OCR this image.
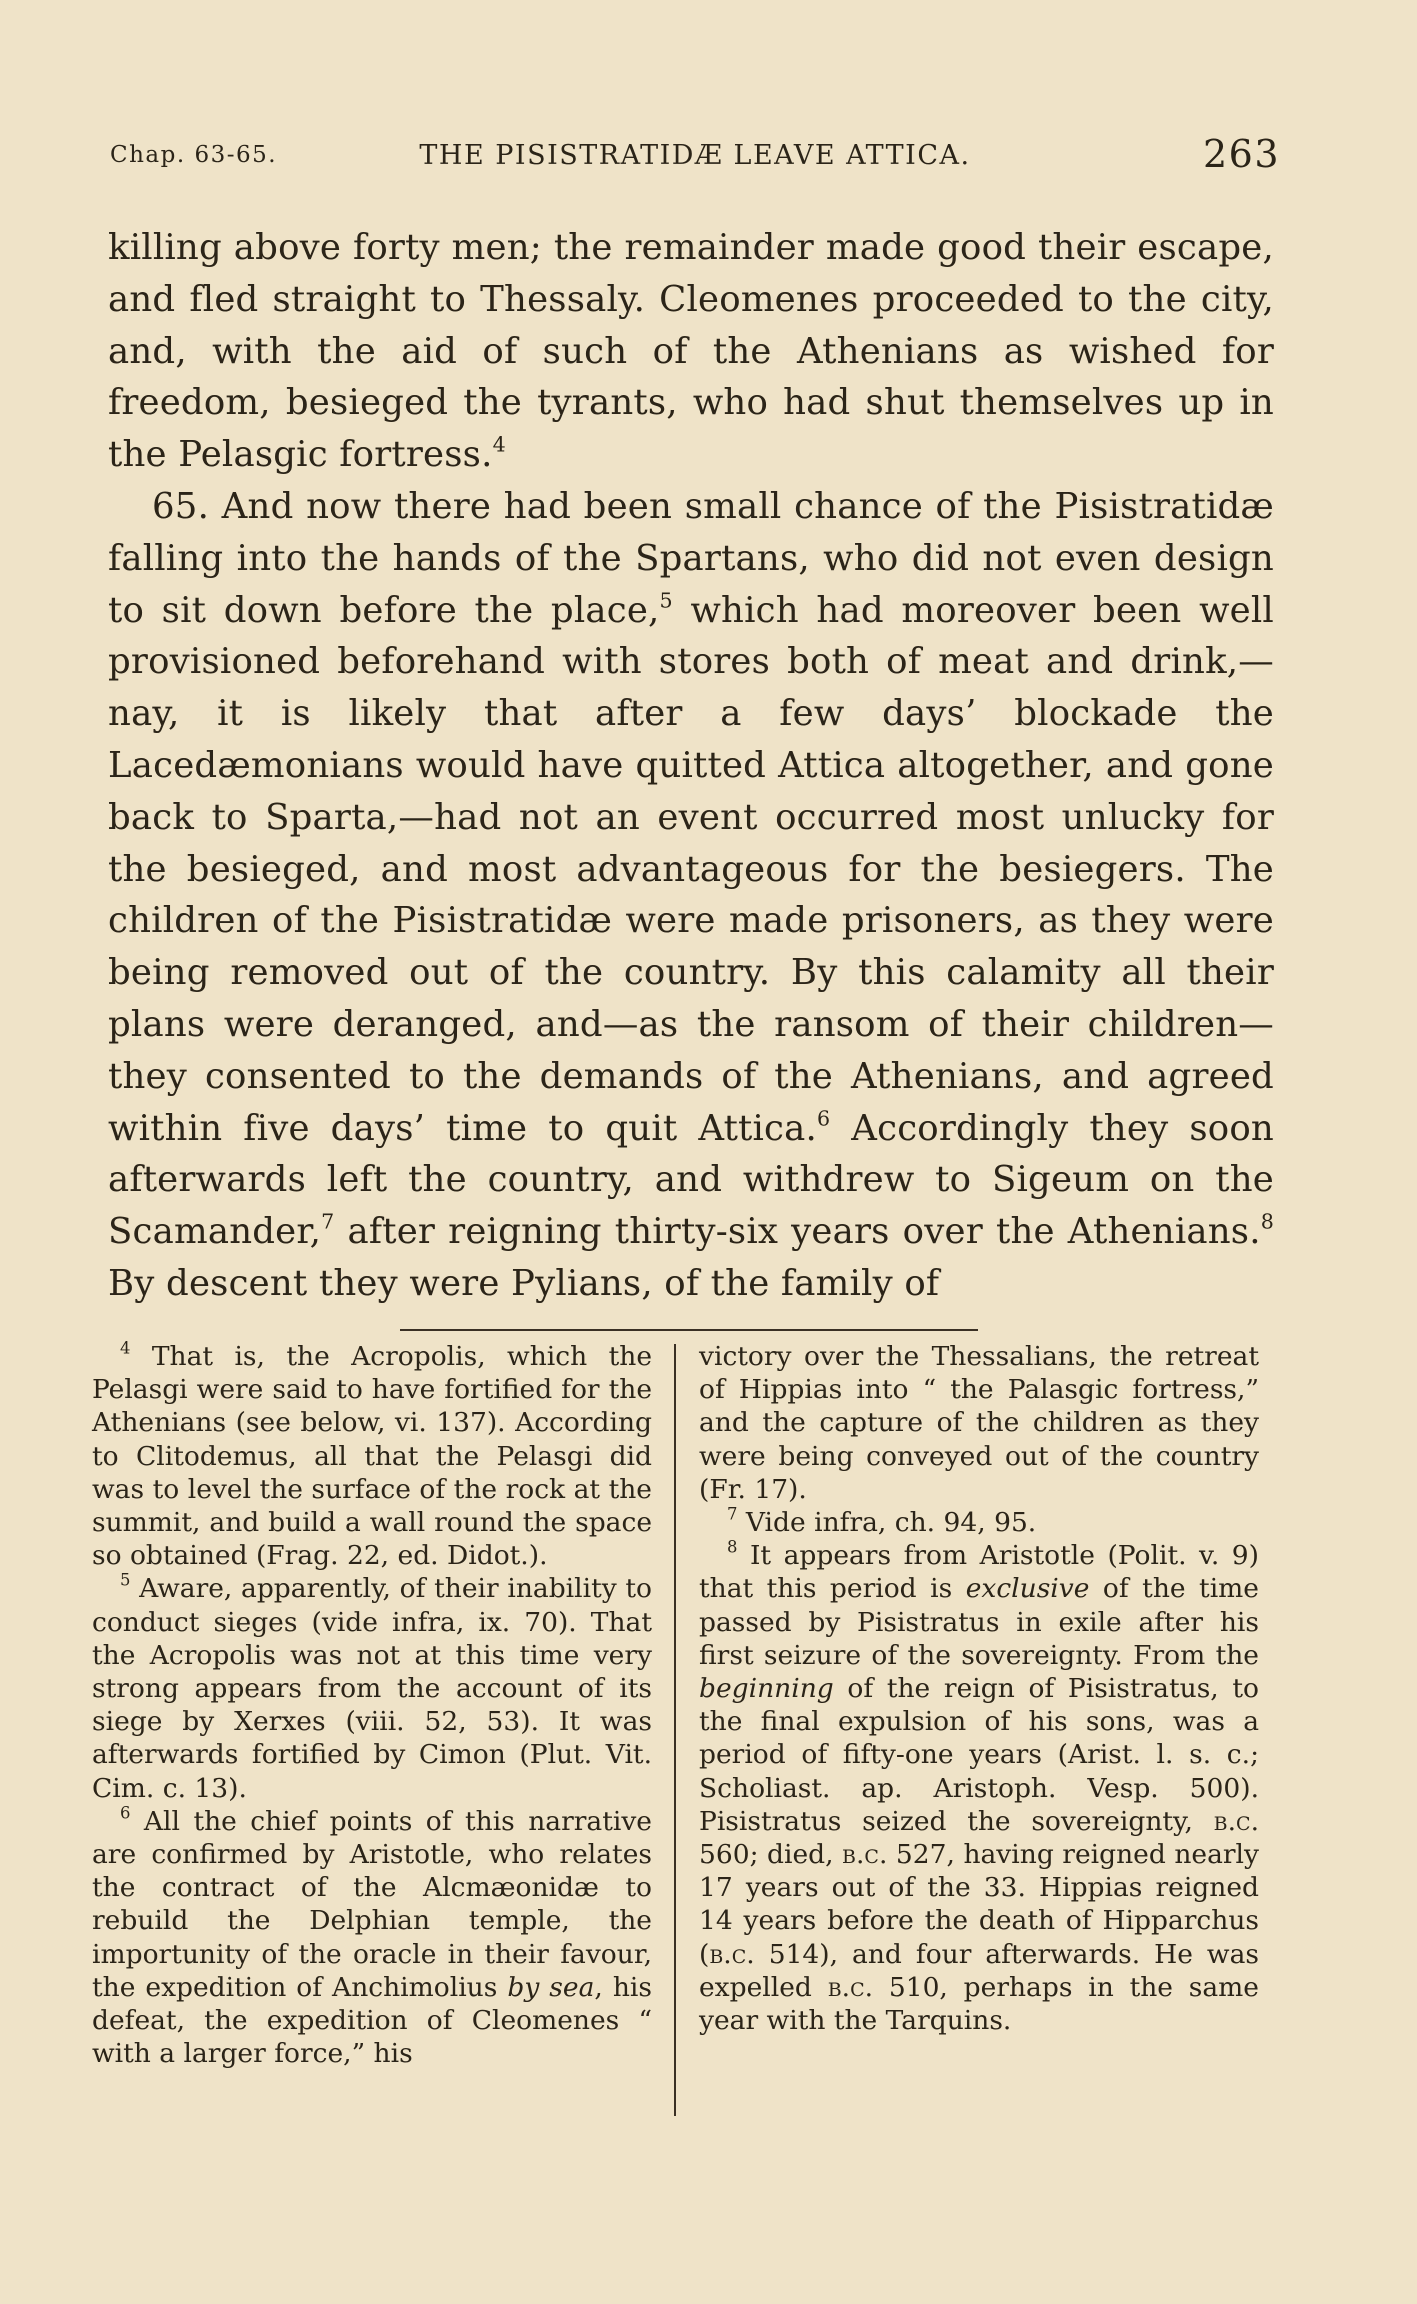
Chap. 63-65.	THE PISISTRATIDÆ LEAVE ATTICA.	263

killing above forty men; the remainder made good their escape, and fled straight to Thessaly. Cleomenes proceeded to the city, and, with the aid of such of the Athenians as wished for freedom, besieged the tyrants, who had shut themselves up in the Pelasgic fortress.$^4$

65. And now there had been small chance of the Pisistratidæ falling into the hands of the Spartans, who did not even design to sit down before the place,$^5$ which had moreover been well provisioned beforehand with stores both of meat and drink,—nay, it is likely that after a few days’ blockade the Lacedæmonians would have quitted Attica altogether, and gone back to Sparta,—had not an event occurred most unlucky for the besieged, and most advantageous for the besiegers. The children of the Pisistratidæ were made prisoners, as they were being removed out of the country. By this calamity all their plans were deranged, and—as the ransom of their children—they consented to the demands of the Athenians, and agreed within five days’ time to quit Attica.$^6$ Accordingly they soon afterwards left the country, and withdrew to Sigeum on the Scamander,$^7$ after reigning thirty-six years over the Athenians.$^8$ By descent they were Pylians, of the family of

$^4$ That is, the Acropolis, which the Pelasgi were said to have fortified for the Athenians (see below, vi. 137). According to Clitodemus, all that the Pelasgi did was to level the surface of the rock at the summit, and build a wall round the space so obtained (Frag. 22, ed. Didot.).

$^5$ Aware, apparently, of their inability to conduct sieges (vide infra, ix. 70). That the Acropolis was not at this time very strong appears from the account of its siege by Xerxes (viii. 52, 53). It was afterwards fortified by Cimon (Plut. Vit. Cim. c. 13).

$^6$ All the chief points of this narrative are confirmed by Aristotle, who relates the contract of the Alcmæonidæ to rebuild the Delphian temple, the importunity of the oracle in their favour, the expedition of Anchimolius by sea, his defeat, the expedition of Cleomenes “ with a larger force,” his

victory over the Thessalians, the retreat of Hippias into “ the Palasgic fortress,” and the capture of the children as they were being conveyed out of the country (Fr. 17).

$^7$ Vide infra, ch. 94, 95.

$^8$ It appears from Aristotle (Polit. v. 9) that this period is exclusive of the time passed by Pisistratus in exile after his first seizure of the sovereignty. From the beginning of the reign of Pisistratus, to the final expulsion of his sons, was a period of fifty-one years (Arist. l. s. c.; Scholiast. ap. Aristoph. Vesp. 500). Pisistratus seized the sovereignty, b.c. 560; died, b.c. 527, having reigned nearly 17 years out of the 33. Hippias reigned 14 years before the death of Hipparchus (b.c. 514), and four afterwards. He was expelled b.c. 510, perhaps in the same year with the Tarquins.
